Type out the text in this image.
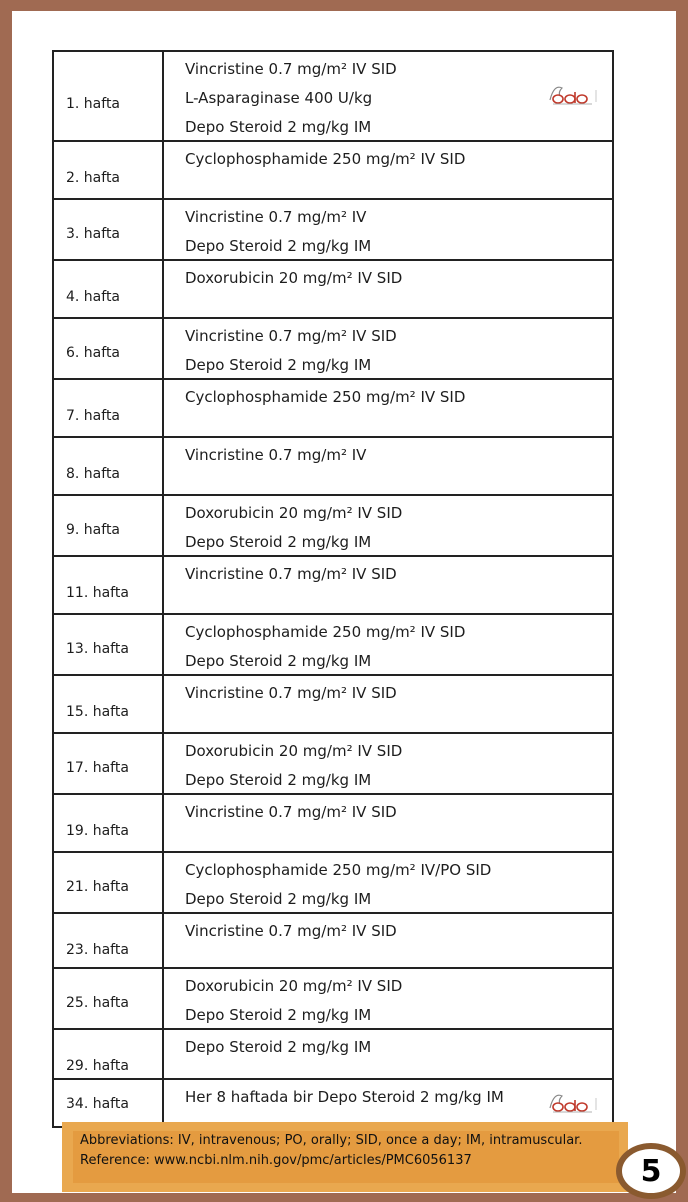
1. hafta	Vincristine 0.7 mg/m² IV SID
L-Asparaginase 400 U/kg
Depo Steroid 2 mg/kg IM

2. hafta	Cyclophosphamide 250 mg/m² IV SID

3. hafta	Vincristine 0.7 mg/m² IV
Depo Steroid 2 mg/kg IM

4. hafta	Doxorubicin 20 mg/m² IV SID

6. hafta	Vincristine 0.7 mg/m² IV SID
Depo Steroid 2 mg/kg IM

7. hafta	Cyclophosphamide 250 mg/m² IV SID

8. hafta	Vincristine 0.7 mg/m² IV

9. hafta	Doxorubicin 20 mg/m² IV SID
Depo Steroid 2 mg/kg IM

11. hafta	Vincristine 0.7 mg/m² IV SID

13. hafta	Cyclophosphamide 250 mg/m² IV SID
Depo Steroid 2 mg/kg IM

15. hafta	Vincristine 0.7 mg/m² IV SID

17. hafta	Doxorubicin 20 mg/m² IV SID
Depo Steroid 2 mg/kg IM

19. hafta	Vincristine 0.7 mg/m² IV SID

21. hafta	Cyclophosphamide 250 mg/m² IV/PO SID
Depo Steroid 2 mg/kg IM

23. hafta	Vincristine 0.7 mg/m² IV SID

25. hafta	Doxorubicin 20 mg/m² IV SID
Depo Steroid 2 mg/kg IM

29. hafta	Depo Steroid 2 mg/kg IM

34. hafta	Her 8 haftada bir Depo Steroid 2 mg/kg IM
Abbreviations: IV, intravenous; PO, orally; SID, once a day; IM, intramuscular.
Reference: www.ncbi.nlm.nih.gov/pmc/articles/PMC6056137	5
